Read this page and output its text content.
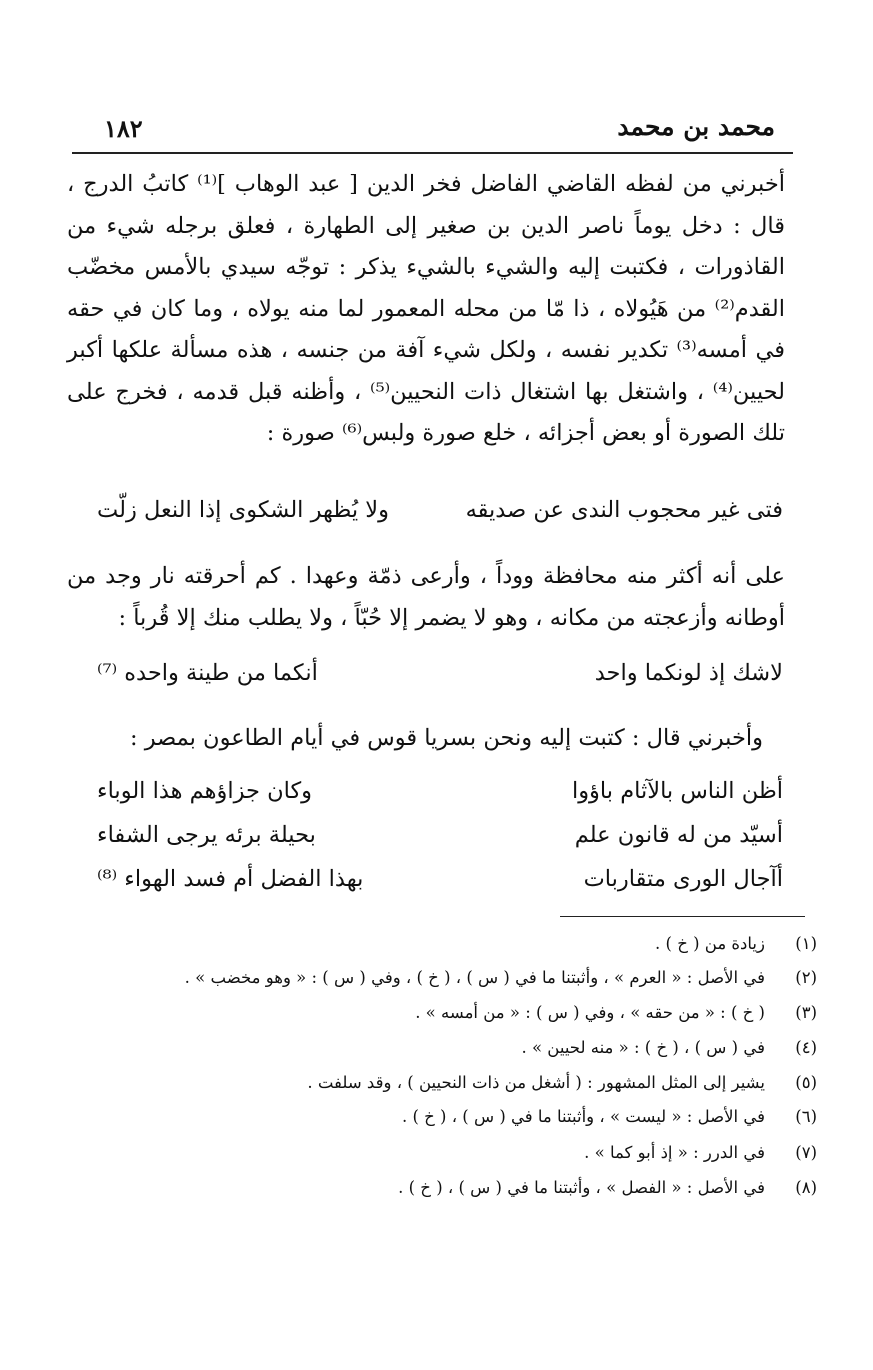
محمد بن محمد
١٨٢
أخبرني من لفظه القاضي الفاضل فخر الدين [ عبد الوهاب ]⁽¹⁾ كاتبُ الدرج ، قال : دخل يوماً ناصر الدين بن صغير إلى الطهارة ، فعلق برجله شيء من القاذورات ، فكتبت إليه والشيء بالشيء يذكر : توجّه سيدي بالأمس مخضّب القدم⁽²⁾ من هَيُولاه ، ذا مّا من محله المعمور لما منه يولاه ، وما كان في حقه في أمسه⁽³⁾ تكدير نفسه ، ولكل شيء آفة من جنسه ، هذه مسألة علكها أكبر لحيين⁽⁴⁾ ، واشتغل بها اشتغال ذات النحيين⁽⁵⁾ ، وأظنه قبل قدمه ، فخرج على تلك الصورة أو بعض أجزائه ، خلع صورة ولبس⁽⁶⁾ صورة :
فتى غير محجوب الندى عن صديقه
ولا يُظهر الشكوى إذا النعل زلّت
على أنه أكثر منه محافظة ووداً ، وأرعى ذمّة وعهدا . كم أحرقته نار وجد من أوطانه وأزعجته من مكانه ، وهو لا يضمر إلا حُبّاً ، ولا يطلب منك إلا قُرباً :
لاشك إذ لونكما واحد
أنكما من طينة واحده ⁽⁷⁾
وأخبرني قال : كتبت إليه ونحن بسريا قوس في أيام الطاعون بمصر :
أظن الناس بالآثام باؤوا
وكان جزاؤهم هذا الوباء
أسيّد من له قانون علم
بحيلة برئه يرجى الشفاء
أآجال الورى متقاربات
بهذا الفضل أم فسد الهواء ⁽⁸⁾
(١)
زيادة من ( خ ) .
(٢)
في الأصل : « العرم » ، وأثبتنا ما في ( س ) ، ( خ ) ، وفي ( س ) : « وهو مخضب » .
(٣)
( خ ) : « من حقه » ، وفي ( س ) : « من أمسه » .
(٤)
في ( س ) ، ( خ ) : « منه لحيين » .
(٥)
يشير إلى المثل المشهور : ( أشغل من ذات النحيين ) ، وقد سلفت .
(٦)
في الأصل : « ليست » ، وأثبتنا ما في ( س ) ، ( خ ) .
(٧)
في الدرر : « إذ أبو كما » .
(٨)
في الأصل : « الفصل » ، وأثبتنا ما في ( س ) ، ( خ ) .
